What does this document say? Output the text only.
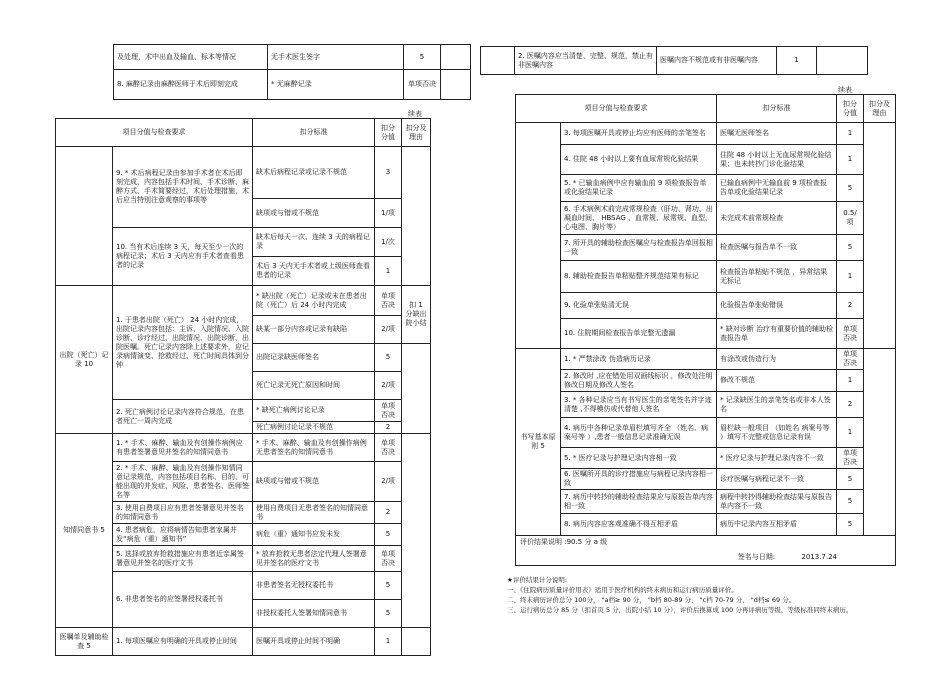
及处理，术中出血及输血、标本等情况	无手术医生签字	5	
8. 麻醉记录由麻醉医师于术后即刻完成	* 无麻醉记录	单项否决	
	2. 医嘱内容应当清楚、完整、规范，禁止有非医嘱内容	医嘱内容不规范或有非医嘱内容	1	
续表
续表
项目分值与检查要求		扣分标准	扣分分值	扣分及理由
	9. * 术后病程记录由参加手术者在术后即刻完成，内容包括手术时间、手术诊断、麻醉方式、手术简要经过，术后处理措施，术后应当特别注意观察的事项等	缺术后病程记录或记录不规范	3	
		缺项或与错或不规范	1/项	
	10. 当有术后连续 3 天，每天至少一次的病程记录；术后 3 天内应有手术者查看患者的记录	缺术后每天一次、连续 3 天的病程记录	1/次	
		术后 3 天内无手术者或上级医师查看患者的记录	1	
出院（死亡）记录 10	1. 于患者出院（死亡） 24 小时内完成，出院记录内容包括：主诉、入院情况、入院诊断、诊疗经过、出院情况、出院诊断、出院医嘱。死亡记录内容除上述要求外，应记录病情演变、抢救经过、死亡时间具体到分钟	* 缺出院（死亡）记录或未在患者出院（死亡）后 24 小时内完成	单项否决	扣 1 分缺出院小结
		缺某一部分内容或记录有缺陷	2/项	
		出院记录缺医师签名	5	
		死亡记录无死亡原因和时间	2/项	
	2. 死亡病例讨论记录内容符合规范，在患者死亡一周内完成	* 缺死亡病例讨论记录	单项否决	
		死亡病例讨论记录不规范	2	
知情同意书 5	1. * 手术、麻醉、输血及有创操作病例应有患者签署意见并签名的知情同意书	* 手术、麻醉、输血及有创操作病例无患者签名的知情同意书	单项否决	
	2. * 手术、麻醉、输血及有创操作知情同意记录规范，内容包括项目名称、目的、可能出现的并发症、风险、患者签名、医师签名等	缺项或与错或不规范	2/项	
	3. 使用自费项目应有患者签署意见并签名的知情同意书	使用自费项目无患者签名的知情同意书	2	
	4. 患者病危，应将病情告知患者家属并发“病危（重）通知书”	病危（重）通知书应发未发	5	
	5. 选择或放弃抢救措施应有患者近亲属签署意见并签名的医疗文书	* 放弃抢救无患者法定代理人签署意见并签名的医疗文书	单项否决	
	6. 非患者签名的应签署授权委托书	非患者签名无授权委托书	5	
		非授权委托人签署知情同意书	5	
医嘱单及辅助检查 5	1. 每项医嘱应有明确的开具或停止时间	医嘱开具或停止时间不明确	1	
项目分值与检查要求		扣分标准	扣分分值	扣分及理由
	3. 每项医嘱开具或停止均应有医师的亲笔签名	医嘱无医师签名	1	
	4. 住院 48 小时以上要有血尿常规化验结果	住院 48 小时以上无血尿常规化验结果；也未转抄门诊化验结果	1	
	5. * 已输血病例中应有输血前 9 项检查报告单或化验结果记录	已输血病例中无输血前 9 项检查报告单或化验结果记录	5	
	6. 手术病例术前完成常规检查（肝功、肾功、出凝血时间、 HBSAG 、血常规、尿常规、血型、心电图、胸片等）	未完成术前常规检查	0.5/项	
	7. 所开具的辅助检查医嘱应与检查报告单回报相一致	检查医嘱与报告单不一致	5	
	8. 辅助检查报告单粘贴整齐规范结果有标记	检查报告单粘贴不规范 ，异常结果无标记	1	
	9. 化验单张贴清无误	化验报告单张贴错误	2	
	10. 住院期间检查报告单完整无遗漏	* 缺对诊断 治疗有重要价值的辅助检查报告单	单项否决	
书写基本原则 5	1. * 严禁涂改 伪造病历记录	有涂改或伪造行为	单项否决	
	2. 修改时 ,应在错处用双画线标识 ，修改处注明修改日期及修改人签名	修改不规范	1	
	3. * 各种记录应当有书写医生的亲笔签名并字迹清楚 ,不得模仿或代替他人签名	* 记录缺医生的亲笔签名或非本人签名	2	
	4. 病历中各种记录单眉栏填写齐全 （姓名、病案号等 ）,患者一般信息记录准确无误	眉栏缺一般项目 （如姓名 病案号等 ）填写不完整或信息记录有误	1	
	5. * 医疗记录与护理记录内容相一致	* 医疗记录与护理记录内容不一致	单项否决	
	6. 医嘱所开具的诊疗措施应与病程记录内容相一致	诊疗医嘱与病程记录不一致	5	
	7. 病历中转抄的辅助检查结果应与原报告单内容相一致	病程中转抄得辅助检查结果与原报告单内容不一致	5	
	8. 病历内容应客观准确不得互相矛盾	病历中记录内容互相矛盾	5	

评价结果说明 :90.5 分 a 级
签名与日期: 2013.7.24				
★评价结果计分说明:
一、《住院病历质量评价用表》适用于医疗机构的终末病历和运行病历质量评价。
二、终末病历评价总分 100分， "a档≥ 90 分， "b档 80-89 分， "c档 70-79 分， "d档≤ 69 分。
三、运行病历总分 85 分（扣首页 5 分，出院小结 10 分），评价后换算成 100 分再评病历等级，等级标准同终末病历。
